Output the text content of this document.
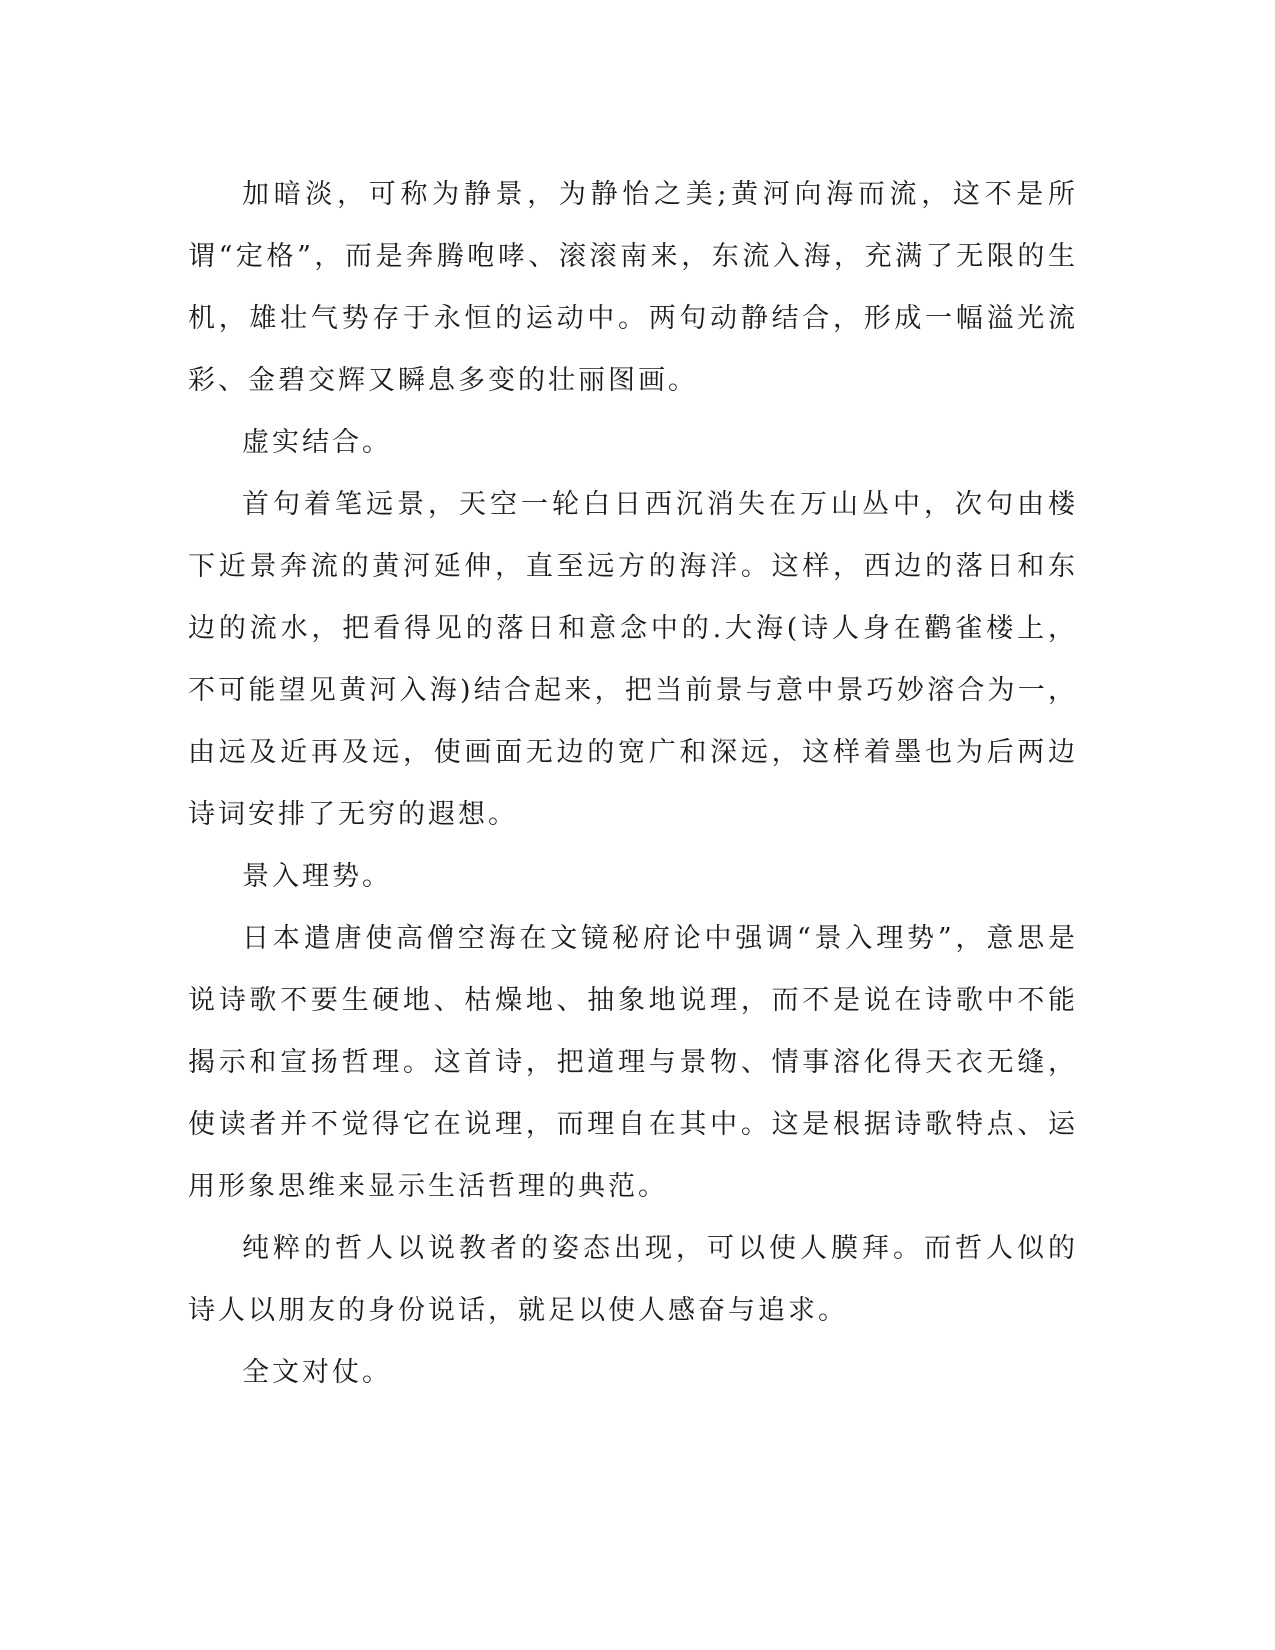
加暗淡，可称为静景，为静怡之美;黄河向海而流，这不是所谓“定格”，而是奔腾咆哮、滚滚南来，东流入海，充满了无限的生机，雄壮气势存于永恒的运动中。两句动静结合，形成一幅溢光流彩、金碧交辉又瞬息多变的壮丽图画。

虚实结合。

首句着笔远景，天空一轮白日西沉消失在万山丛中，次句由楼下近景奔流的黄河延伸，直至远方的海洋。这样，西边的落日和东边的流水，把看得见的落日和意念中的.大海(诗人身在鹳雀楼上，不可能望见黄河入海)结合起来，把当前景与意中景巧妙溶合为一，由远及近再及远，使画面无边的宽广和深远，这样着墨也为后两边诗词安排了无穷的遐想。

景入理势。

日本遣唐使高僧空海在文镜秘府论中强调“景入理势”，意思是说诗歌不要生硬地、枯燥地、抽象地说理，而不是说在诗歌中不能揭示和宣扬哲理。这首诗，把道理与景物、情事溶化得天衣无缝，使读者并不觉得它在说理，而理自在其中。这是根据诗歌特点、运用形象思维来显示生活哲理的典范。

纯粹的哲人以说教者的姿态出现，可以使人膜拜。而哲人似的诗人以朋友的身份说话，就足以使人感奋与追求。

全文对仗。
